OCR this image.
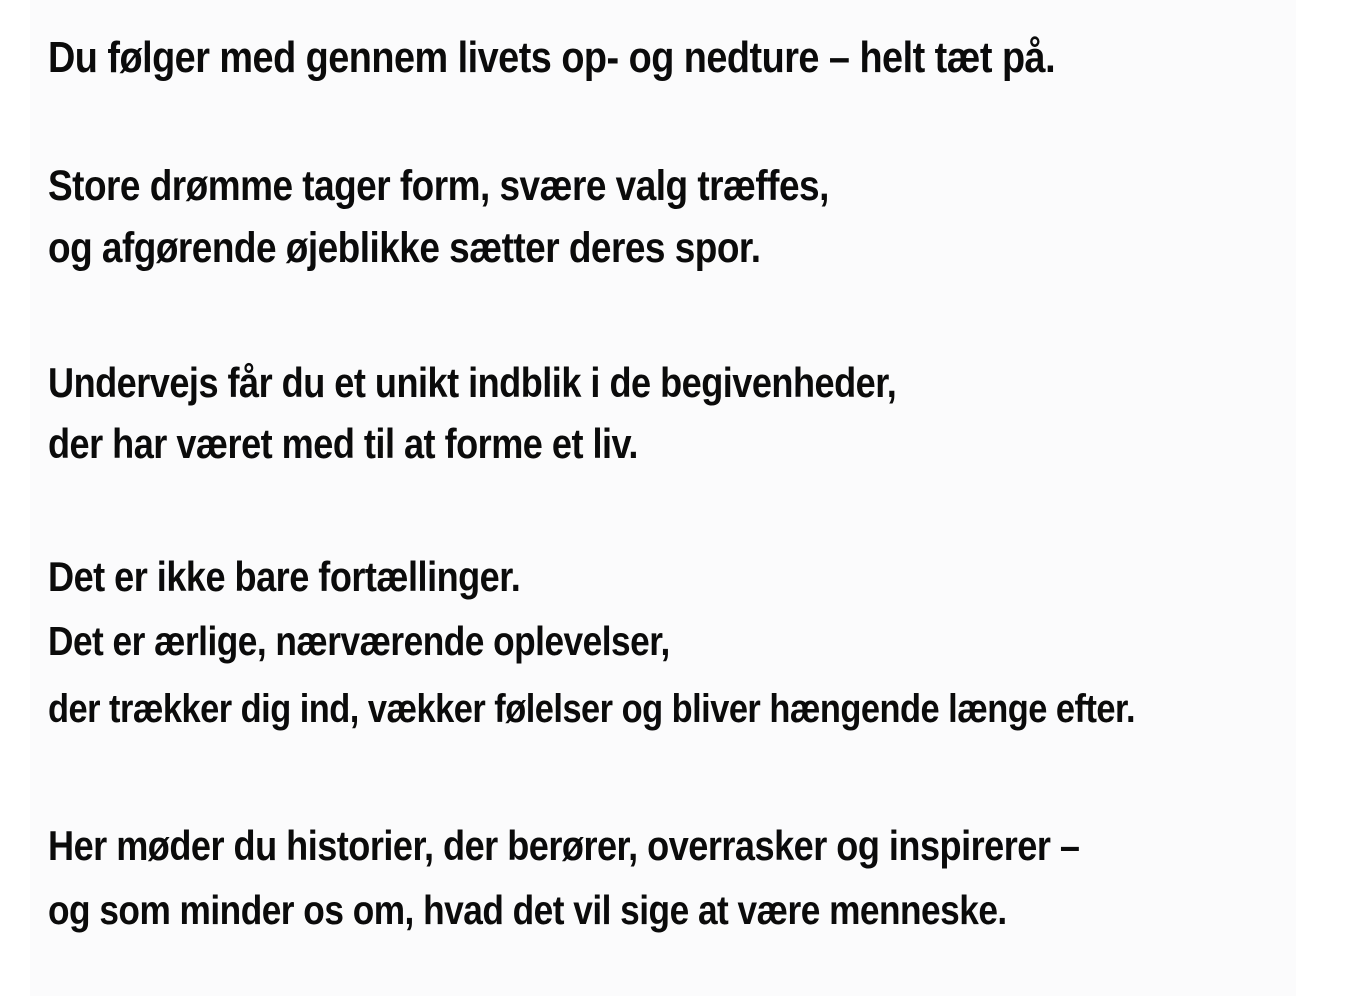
Du følger med gennem livets op- og nedture – helt tæt på.

Store drømme tager form, svære valg træffes,

og afgørende øjeblikke sætter deres spor.

Undervejs får du et unikt indblik i de begivenheder,

der har været med til at forme et liv.

Det er ikke bare fortællinger.

Det er ærlige, nærværende oplevelser,

der trækker dig ind, vækker følelser og bliver hængende længe efter.

Her møder du historier, der berører, overrasker og inspirerer –

og som minder os om, hvad det vil sige at være menneske.
